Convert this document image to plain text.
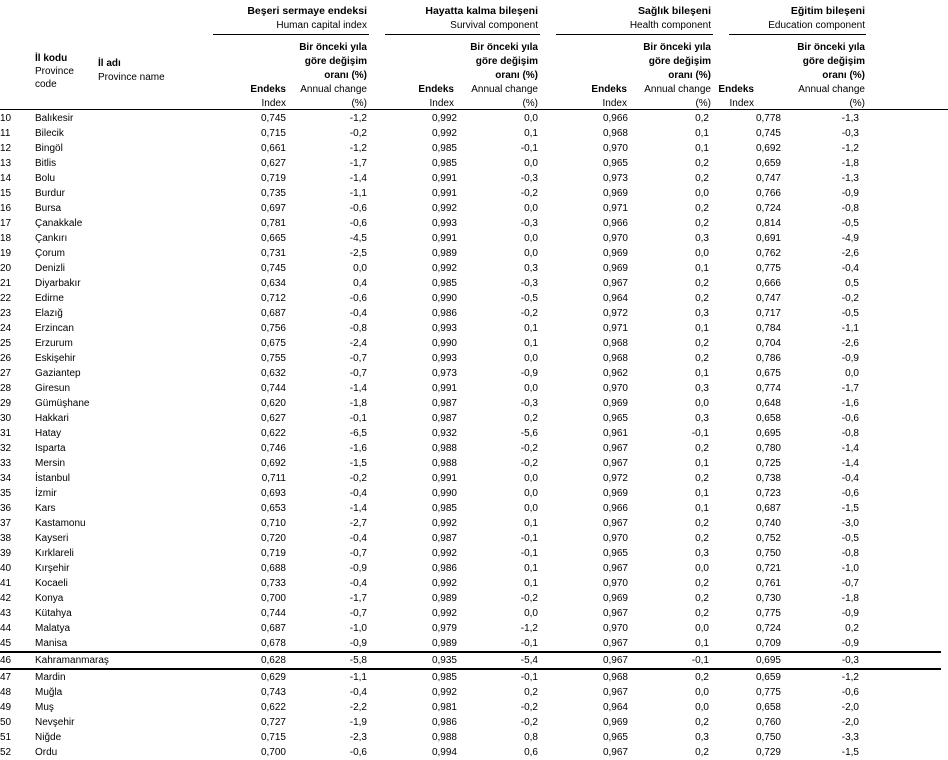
Beşeri sermaye endeksi
Human capital index
Hayatta kalma bileşeni
Survival component
Sağlık bileşeni
Health component
Eğitim bileşeni
Education component
İl kodu
Province
code
İl adı
Province name
Bir önceki yıla
göre değişim
oranı (%)
Annual change
(%)
Endeks
Index
Bir önceki yıla
göre değişim
oranı (%)
Annual change
(%)
Endeks
Index
Bir önceki yıla
göre değişim
oranı (%)
Annual change
(%)
Endeks
Index
Bir önceki yıla
göre değişim
oranı (%)
Annual change
(%)
Endeks
Index
10	Balıkesir	0,745	-1,2	0,992	0,0	0,966	0,2	0,778	-1,3	
11	Bilecik	0,715	-0,2	0,992	0,1	0,968	0,1	0,745	-0,3	
12	Bingöl	0,661	-1,2	0,985	-0,1	0,970	0,1	0,692	-1,2	
13	Bitlis	0,627	-1,7	0,985	0,0	0,965	0,2	0,659	-1,8	
14	Bolu	0,719	-1,4	0,991	-0,3	0,973	0,2	0,747	-1,3	
15	Burdur	0,735	-1,1	0,991	-0,2	0,969	0,0	0,766	-0,9	
16	Bursa	0,697	-0,6	0,992	0,0	0,971	0,2	0,724	-0,8	
17	Çanakkale	0,781	-0,6	0,993	-0,3	0,966	0,2	0,814	-0,5	
18	Çankırı	0,665	-4,5	0,991	0,0	0,970	0,3	0,691	-4,9	
19	Çorum	0,731	-2,5	0,989	0,0	0,969	0,0	0,762	-2,6	
20	Denizli	0,745	0,0	0,992	0,3	0,969	0,1	0,775	-0,4	
21	Diyarbakır	0,634	0,4	0,985	-0,3	0,967	0,2	0,666	0,5	
22	Edirne	0,712	-0,6	0,990	-0,5	0,964	0,2	0,747	-0,2	
23	Elazığ	0,687	-0,4	0,986	-0,2	0,972	0,3	0,717	-0,5	
24	Erzincan	0,756	-0,8	0,993	0,1	0,971	0,1	0,784	-1,1	
25	Erzurum	0,675	-2,4	0,990	0,1	0,968	0,2	0,704	-2,6	
26	Eskişehir	0,755	-0,7	0,993	0,0	0,968	0,2	0,786	-0,9	
27	Gaziantep	0,632	-0,7	0,973	-0,9	0,962	0,1	0,675	0,0	
28	Giresun	0,744	-1,4	0,991	0,0	0,970	0,3	0,774	-1,7	
29	Gümüşhane	0,620	-1,8	0,987	-0,3	0,969	0,0	0,648	-1,6	
30	Hakkari	0,627	-0,1	0,987	0,2	0,965	0,3	0,658	-0,6	
31	Hatay	0,622	-6,5	0,932	-5,6	0,961	-0,1	0,695	-0,8	
32	Isparta	0,746	-1,6	0,988	-0,2	0,967	0,2	0,780	-1,4	
33	Mersin	0,692	-1,5	0,988	-0,2	0,967	0,1	0,725	-1,4	
34	İstanbul	0,711	-0,2	0,991	0,0	0,972	0,2	0,738	-0,4	
35	İzmir	0,693	-0,4	0,990	0,0	0,969	0,1	0,723	-0,6	
36	Kars	0,653	-1,4	0,985	0,0	0,966	0,1	0,687	-1,5	
37	Kastamonu	0,710	-2,7	0,992	0,1	0,967	0,2	0,740	-3,0	
38	Kayseri	0,720	-0,4	0,987	-0,1	0,970	0,2	0,752	-0,5	
39	Kırklareli	0,719	-0,7	0,992	-0,1	0,965	0,3	0,750	-0,8	
40	Kırşehir	0,688	-0,9	0,986	0,1	0,967	0,0	0,721	-1,0	
41	Kocaeli	0,733	-0,4	0,992	0,1	0,970	0,2	0,761	-0,7	
42	Konya	0,700	-1,7	0,989	-0,2	0,969	0,2	0,730	-1,8	
43	Kütahya	0,744	-0,7	0,992	0,0	0,967	0,2	0,775	-0,9	
44	Malatya	0,687	-1,0	0,979	-1,2	0,970	0,0	0,724	0,2	
45	Manisa	0,678	-0,9	0,989	-0,1	0,967	0,1	0,709	-0,9	
46	Kahramanmaraş	0,628	-5,8	0,935	-5,4	0,967	-0,1	0,695	-0,3	
47	Mardin	0,629	-1,1	0,985	-0,1	0,968	0,2	0,659	-1,2	
48	Muğla	0,743	-0,4	0,992	0,2	0,967	0,0	0,775	-0,6	
49	Muş	0,622	-2,2	0,981	-0,2	0,964	0,0	0,658	-2,0	
50	Nevşehir	0,727	-1,9	0,986	-0,2	0,969	0,2	0,760	-2,0	
51	Niğde	0,715	-2,3	0,988	0,8	0,965	0,3	0,750	-3,3	
52	Ordu	0,700	-0,6	0,994	0,6	0,967	0,2	0,729	-1,5	
